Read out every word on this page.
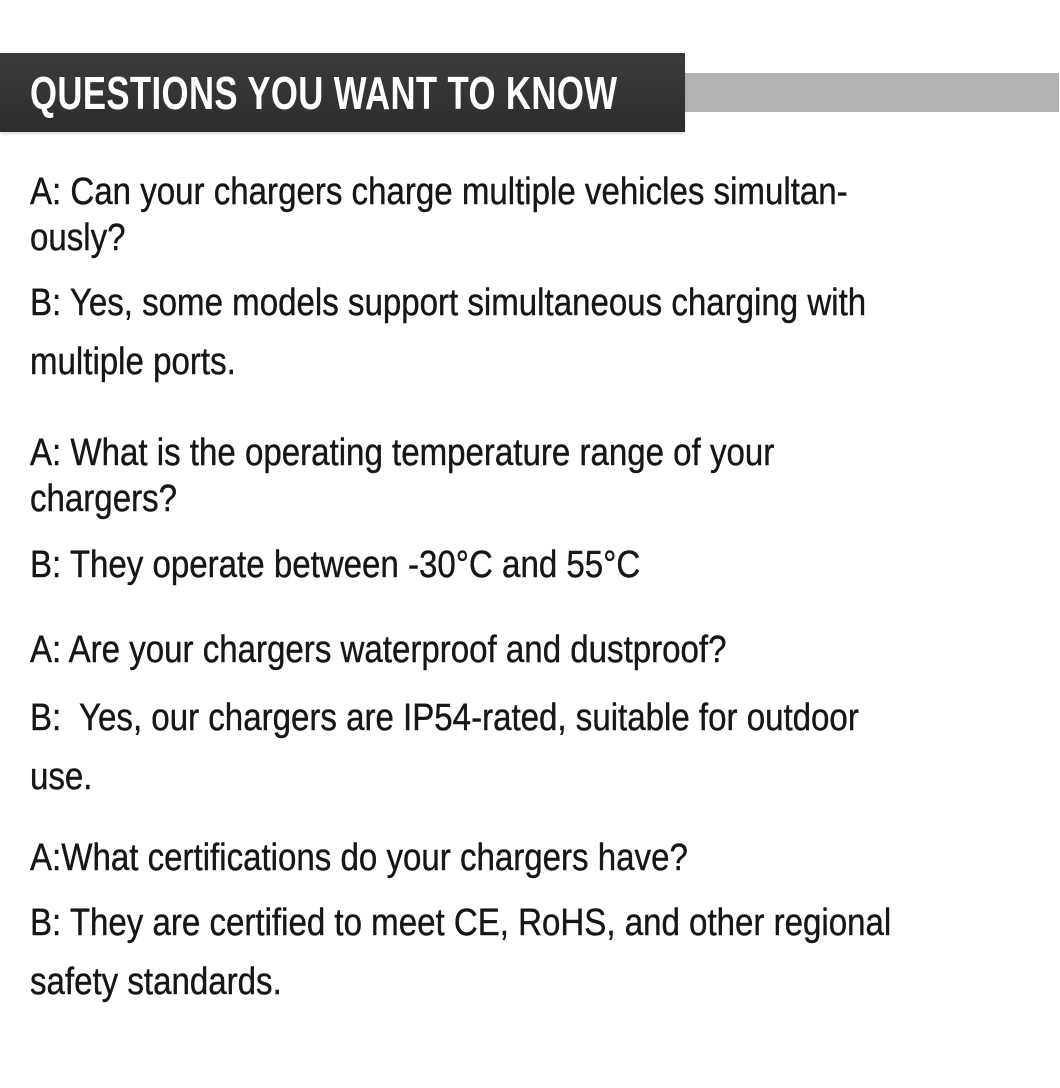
QUESTIONS YOU WANT TO KNOW
A: Can your chargers charge multiple vehicles simultan-
ously?
B: Yes, some models support simultaneous charging with
multiple ports.
A: What is the operating temperature range of your
chargers?
B: They operate between -30°C and 55°C
A: Are your chargers waterproof and dustproof?
B:  Yes, our chargers are IP54-rated, suitable for outdoor
use.
A:What certifications do your chargers have?
B: They are certified to meet CE, RoHS, and other regional
safety standards.
